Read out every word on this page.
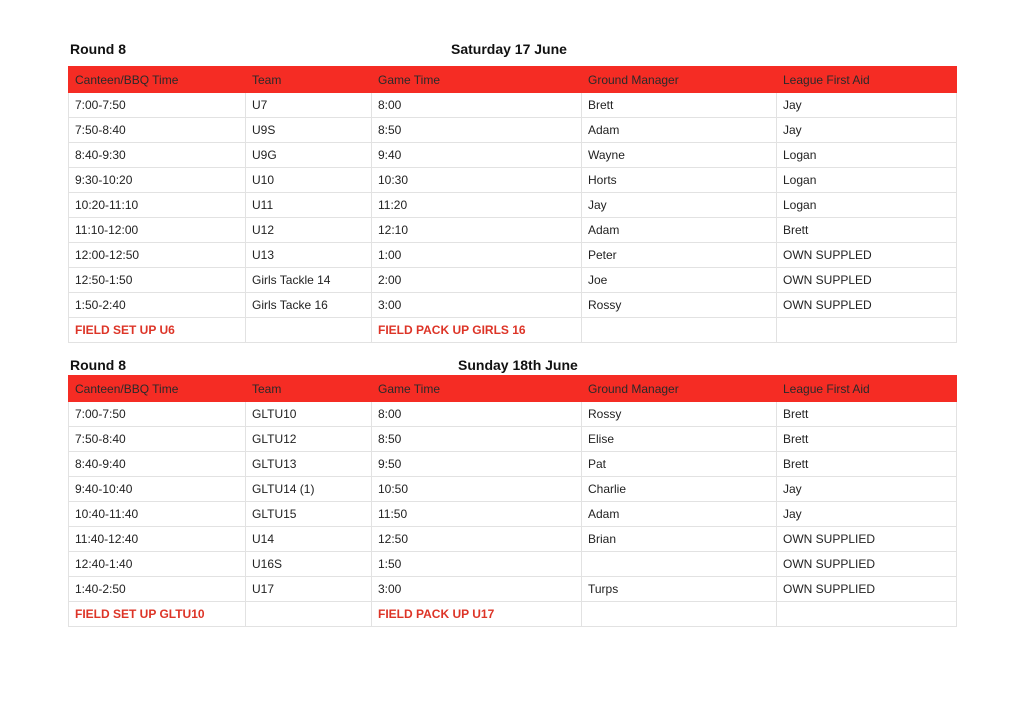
Round 8	Saturday 17 June
Canteen/BBQ Time	Team	Game Time	Ground Manager	League First Aid
7:00-7:50	U7	8:00	Brett	Jay
7:50-8:40	U9S	8:50	Adam	Jay
8:40-9:30	U9G	9:40	Wayne	Logan
9:30-10:20	U10	10:30	Horts	Logan
10:20-11:10	U11	11:20	Jay	Logan
11:10-12:00	U12	12:10	Adam	Brett
12:00-12:50	U13	1:00	Peter	OWN SUPPLED
12:50-1:50	Girls Tackle 14	2:00	Joe	OWN SUPPLED
1:50-2:40	Girls Tacke 16	3:00	Rossy	OWN SUPPLED
FIELD SET UP U6		FIELD PACK UP GIRLS 16		
Round 8	Sunday 18th June
Canteen/BBQ Time	Team	Game Time	Ground Manager	League First Aid
7:00-7:50	GLTU10	8:00	Rossy	Brett
7:50-8:40	GLTU12	8:50	Elise	Brett
8:40-9:40	GLTU13	9:50	Pat	Brett
9:40-10:40	GLTU14 (1)	10:50	Charlie	Jay
10:40-11:40	GLTU15	11:50	Adam	Jay
11:40-12:40	U14	12:50	Brian	OWN SUPPLIED
12:40-1:40	U16S	1:50		OWN SUPPLIED
1:40-2:50	U17	3:00	Turps	OWN SUPPLIED
FIELD SET UP GLTU10		FIELD PACK UP U17		
